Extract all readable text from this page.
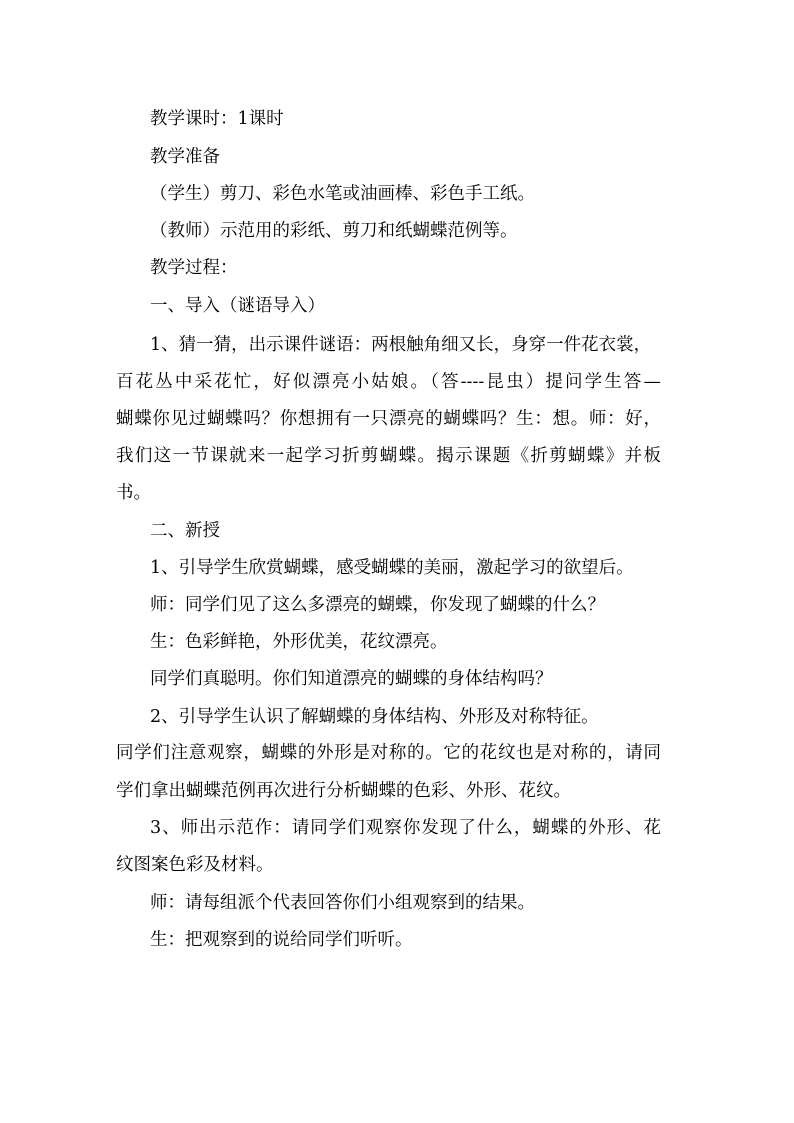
教学课时：1课时
教学准备
（学生）剪刀、彩色水笔或油画棒、彩色手工纸。
（教师）示范用的彩纸、剪刀和纸蝴蝶范例等。
教学过程：
一、导入（谜语导入）
1、猜一猜，出示课件谜语：两根触角细又长，身穿一件花衣裳，
百花丛中采花忙，好似漂亮小姑娘。（答----昆虫）提问学生答—
蝴蝶你见过蝴蝶吗？你想拥有一只漂亮的蝴蝶吗？生：想。师：好，
我们这一节课就来一起学习折剪蝴蝶。揭示课题《折剪蝴蝶》并板
书。
二、新授
1、引导学生欣赏蝴蝶，感受蝴蝶的美丽，激起学习的欲望后。
师：同学们见了这么多漂亮的蝴蝶，你发现了蝴蝶的什么？
生：色彩鲜艳，外形优美，花纹漂亮。
同学们真聪明。你们知道漂亮的蝴蝶的身体结构吗？
2、引导学生认识了解蝴蝶的身体结构、外形及对称特征。
同学们注意观察，蝴蝶的外形是对称的。它的花纹也是对称的，请同
学们拿出蝴蝶范例再次进行分析蝴蝶的色彩、外形、花纹。
3、师出示范作：请同学们观察你发现了什么，蝴蝶的外形、花
纹图案色彩及材料。
师：请每组派个代表回答你们小组观察到的结果。
生：把观察到的说给同学们听听。
